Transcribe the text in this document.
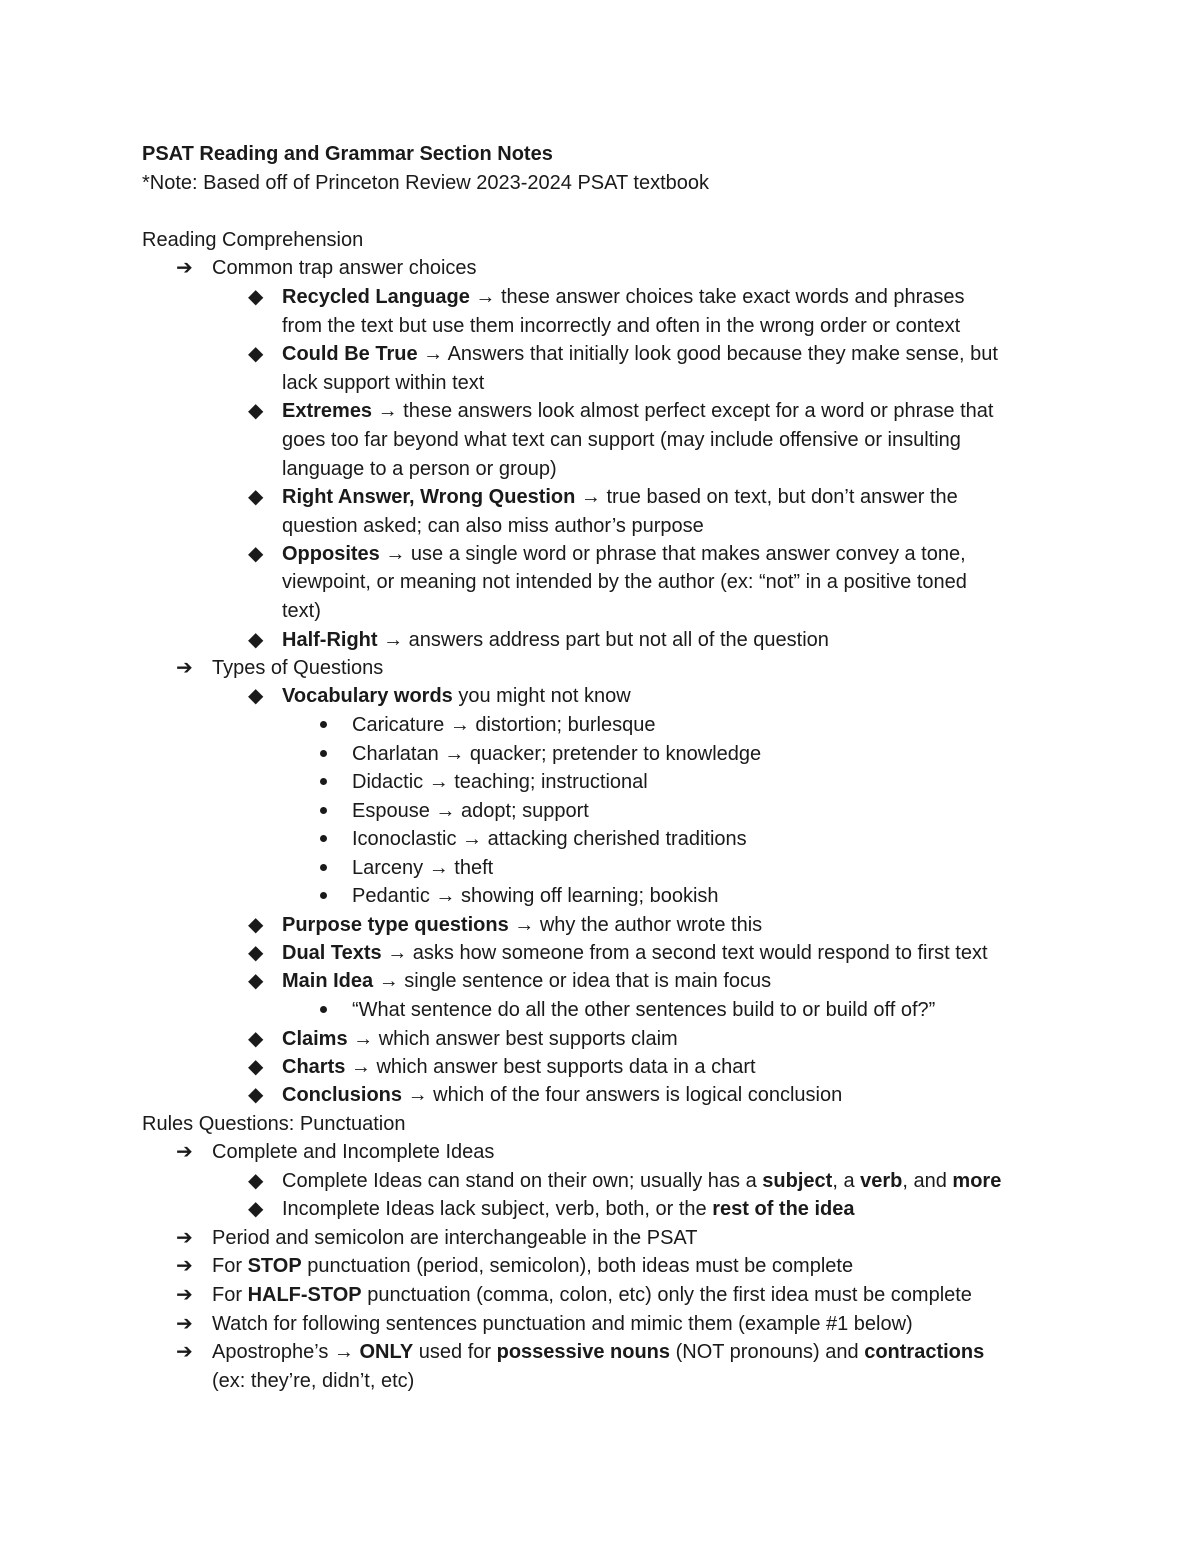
PSAT Reading and Grammar Section Notes
*Note: Based off of Princeton Review 2023-2024 PSAT textbook
Reading Comprehension
➔ Common trap answer choices
◆ Recycled Language → these answer choices take exact words and phrases
from the text but use them incorrectly and often in the wrong order or context
◆ Could Be True → Answers that initially look good because they make sense, but
lack support within text
◆ Extremes → these answers look almost perfect except for a word or phrase that
goes too far beyond what text can support (may include offensive or insulting
language to a person or group)
◆ Right Answer, Wrong Question → true based on text, but don’t answer the
question asked; can also miss author’s purpose
◆ Opposites → use a single word or phrase that makes answer convey a tone,
viewpoint, or meaning not intended by the author (ex: “not” in a positive toned
text)
◆ Half-Right → answers address part but not all of the question
➔ Types of Questions
◆ Vocabulary words you might not know
Caricature → distortion; burlesque
Charlatan → quacker; pretender to knowledge
Didactic → teaching; instructional
Espouse → adopt; support
Iconoclastic → attacking cherished traditions
Larceny → theft
Pedantic → showing off learning; bookish
◆ Purpose type questions → why the author wrote this
◆ Dual Texts → asks how someone from a second text would respond to first text
◆ Main Idea → single sentence or idea that is main focus
“What sentence do all the other sentences build to or build off of?”
◆ Claims → which answer best supports claim
◆ Charts → which answer best supports data in a chart
◆ Conclusions → which of the four answers is logical conclusion
Rules Questions: Punctuation
➔ Complete and Incomplete Ideas
◆ Complete Ideas can stand on their own; usually has a subject, a verb, and more
◆ Incomplete Ideas lack subject, verb, both, or the rest of the idea
➔ Period and semicolon are interchangeable in the PSAT
➔ For STOP punctuation (period, semicolon), both ideas must be complete
➔ For HALF-STOP punctuation (comma, colon, etc) only the first idea must be complete
➔ Watch for following sentences punctuation and mimic them (example #1 below)
➔ Apostrophe’s → ONLY used for possessive nouns (NOT pronouns) and contractions
(ex: they’re, didn’t, etc)
